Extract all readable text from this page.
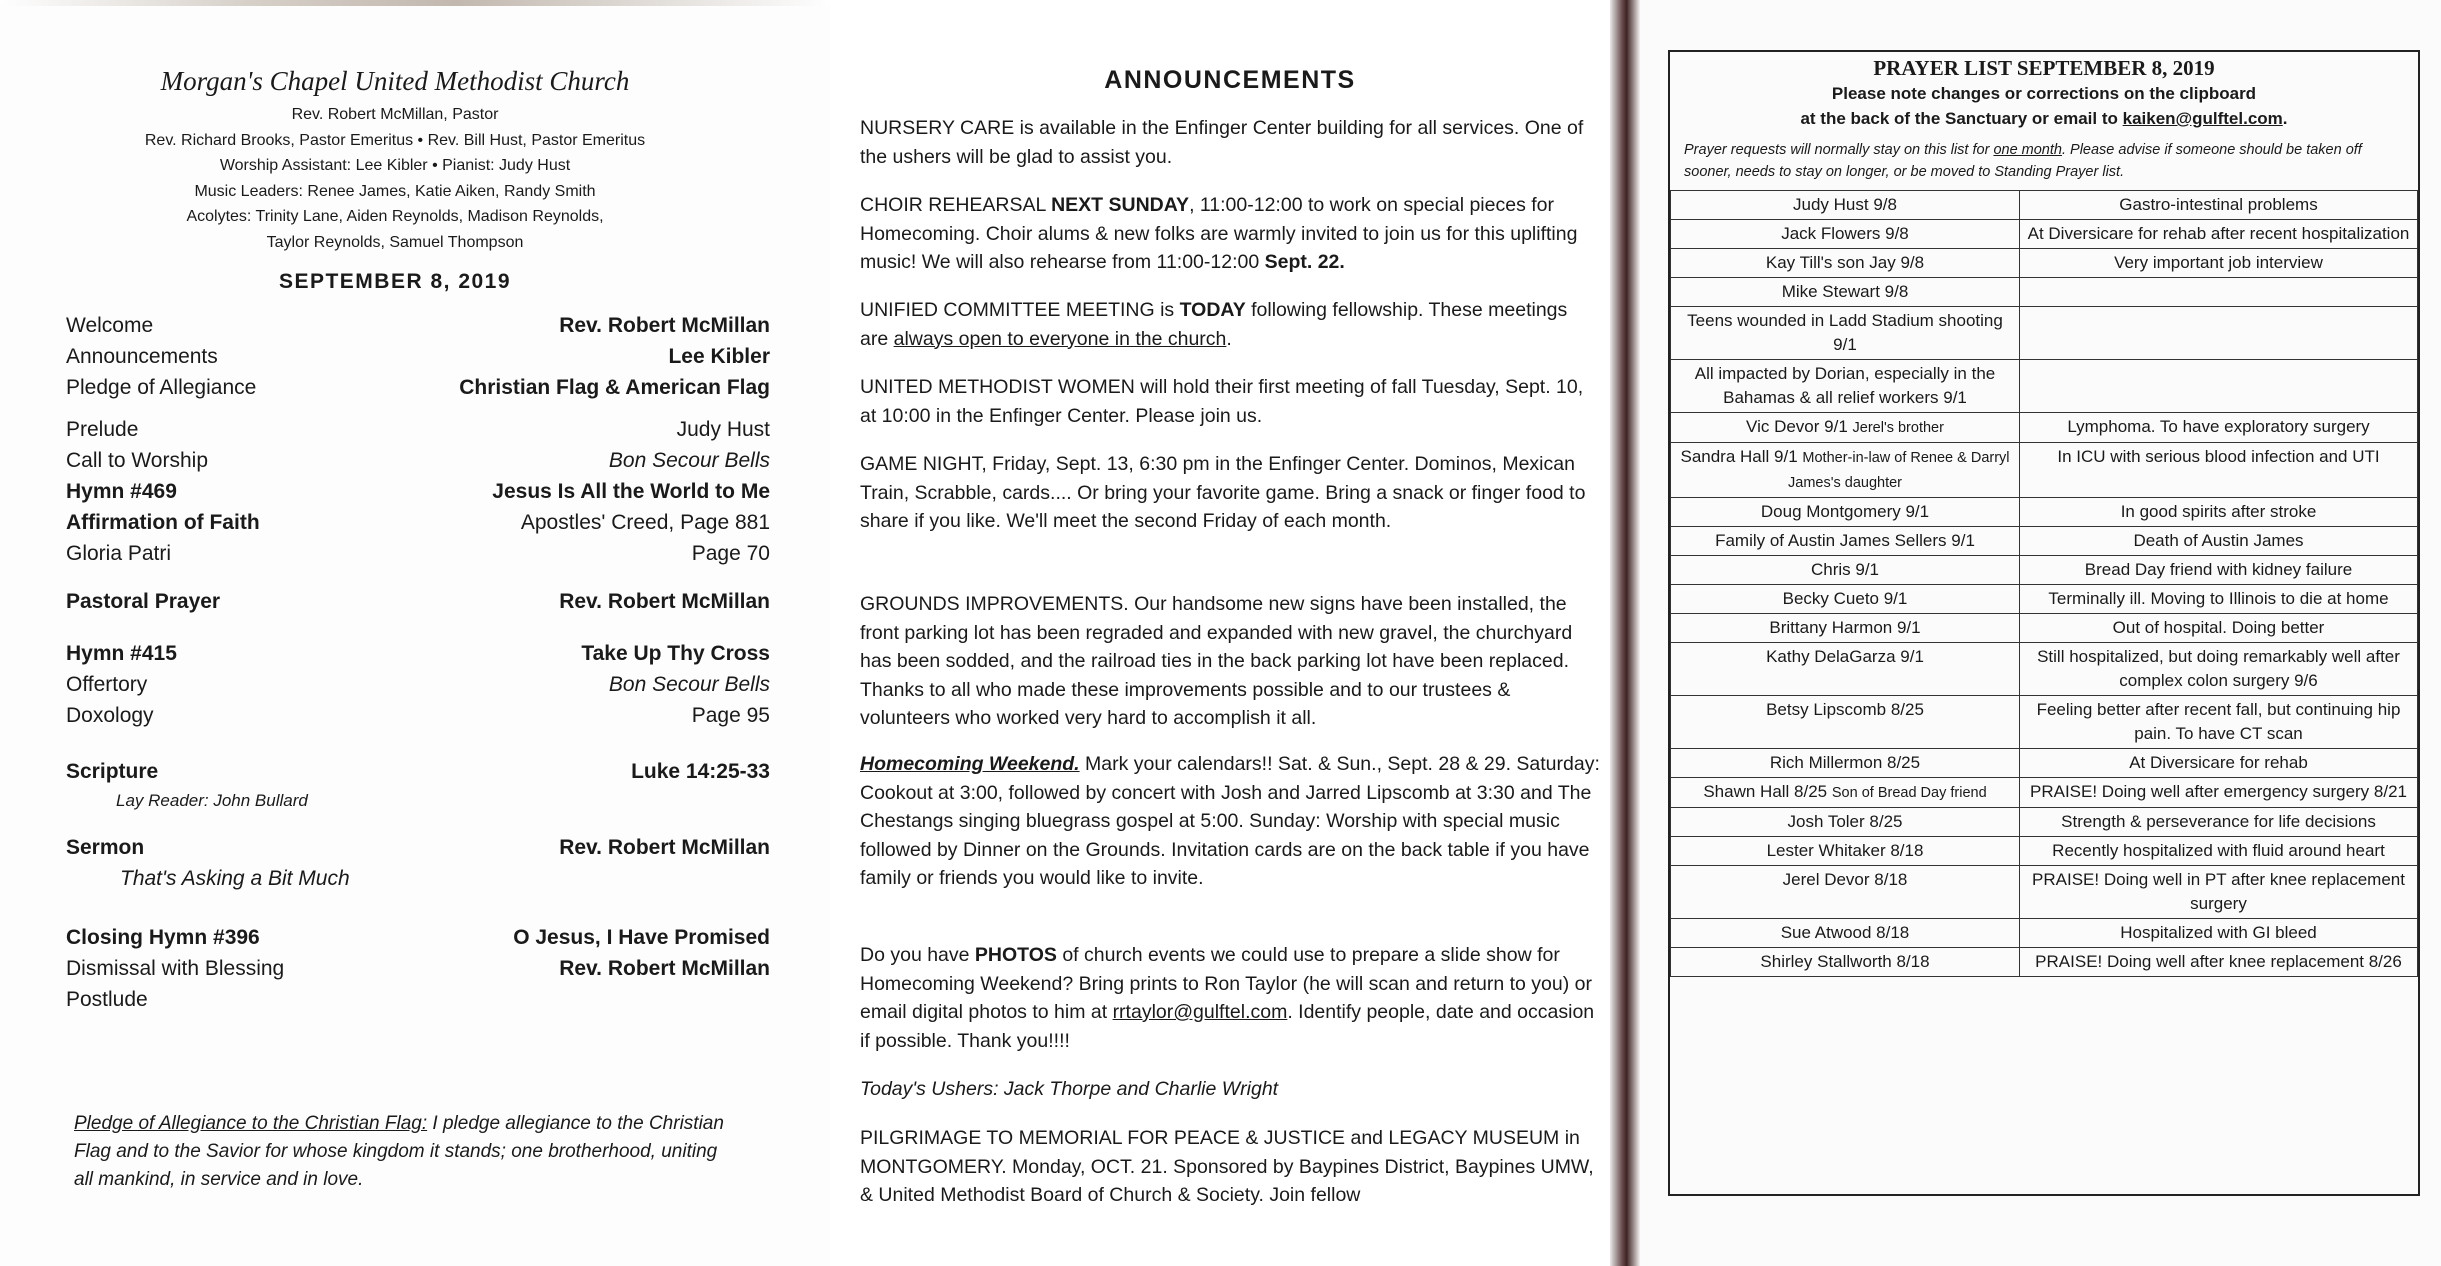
Morgan's Chapel United Methodist Church
Rev. Robert McMillan, Pastor
Rev. Richard Brooks, Pastor Emeritus • Rev. Bill Hust, Pastor Emeritus
Worship Assistant: Lee Kibler • Pianist: Judy Hust
Music Leaders: Renee James, Katie Aiken, Randy Smith
Acolytes: Trinity Lane, Aiden Reynolds, Madison Reynolds,
Taylor Reynolds, Samuel Thompson
SEPTEMBER 8, 2019
Welcome	Rev. Robert McMillan
Announcements	Lee Kibler
Pledge of Allegiance	Christian Flag & American Flag
Prelude	Judy Hust
Call to Worship	Bon Secour Bells
Hymn #469	Jesus Is All the World to Me
Affirmation of Faith	Apostles' Creed, Page 881
Gloria Patri	Page 70
Pastoral Prayer	Rev. Robert McMillan
Hymn #415	Take Up Thy Cross
Offertory	Bon Secour Bells
Doxology	Page 95
Scripture	Luke 14:25-33
Lay Reader: John Bullard
Sermon	Rev. Robert McMillan
That's Asking a Bit Much
Closing Hymn #396	O Jesus, I Have Promised
Dismissal with Blessing	Rev. Robert McMillan
Postlude
Pledge of Allegiance to the Christian Flag: I pledge allegiance to the Christian Flag and to the Savior for whose kingdom it stands; one brotherhood, uniting all mankind, in service and in love.
ANNOUNCEMENTS

NURSERY CARE is available in the Enfinger Center building for all services. One of the ushers will be glad to assist you.

CHOIR REHEARSAL NEXT SUNDAY, 11:00-12:00 to work on special pieces for Homecoming. Choir alums & new folks are warmly invited to join us for this uplifting music! We will also rehearse from 11:00-12:00 Sept. 22.

UNIFIED COMMITTEE MEETING is TODAY following fellowship. These meetings are always open to everyone in the church.

UNITED METHODIST WOMEN will hold their first meeting of fall Tuesday, Sept. 10, at 10:00 in the Enfinger Center. Please join us.

GAME NIGHT, Friday, Sept. 13, 6:30 pm in the Enfinger Center. Dominos, Mexican Train, Scrabble, cards.... Or bring your favorite game. Bring a snack or finger food to share if you like. We'll meet the second Friday of each month.

GROUNDS IMPROVEMENTS. Our handsome new signs have been installed, the front parking lot has been regraded and expanded with new gravel, the churchyard has been sodded, and the railroad ties in the back parking lot have been replaced. Thanks to all who made these improvements possible and to our trustees & volunteers who worked very hard to accomplish it all.

Homecoming Weekend. Mark your calendars!! Sat. & Sun., Sept. 28 & 29. Saturday: Cookout at 3:00, followed by concert with Josh and Jarred Lipscomb at 3:30 and The Chestangs singing bluegrass gospel at 5:00. Sunday: Worship with special music followed by Dinner on the Grounds. Invitation cards are on the back table if you have family or friends you would like to invite.

Do you have PHOTOS of church events we could use to prepare a slide show for Homecoming Weekend? Bring prints to Ron Taylor (he will scan and return to you) or email digital photos to him at rrtaylor@gulftel.com. Identify people, date and occasion if possible. Thank you!!!!

Today's Ushers: Jack Thorpe and Charlie Wright

PILGRIMAGE TO MEMORIAL FOR PEACE & JUSTICE and LEGACY MUSEUM in MONTGOMERY. Monday, OCT. 21. Sponsored by Baypines District, Baypines UMW, & United Methodist Board of Church & Society. Join fellow

PRAYER LIST SEPTEMBER 8, 2019
Please note changes or corrections on the clipboard
at the back of the Sanctuary or email to kaiken@gulftel.com.
Prayer requests will normally stay on this list for one month. Please advise if someone should be taken off sooner, needs to stay on longer, or be moved to Standing Prayer list.
Judy Hust 9/8	Gastro-intestinal problems
Jack Flowers 9/8	At Diversicare for rehab after recent hospitalization
Kay Till's son Jay 9/8	Very important job interview
Mike Stewart 9/8	
Teens wounded in Ladd Stadium shooting 9/1	
All impacted by Dorian, especially in the Bahamas & all relief workers 9/1	
Vic Devor 9/1 Jerel's brother	Lymphoma. To have exploratory surgery
Sandra Hall 9/1 Mother-in-law of Renee & Darryl James's daughter	In ICU with serious blood infection and UTI
Doug Montgomery 9/1	In good spirits after stroke
Family of Austin James Sellers 9/1	Death of Austin James
Chris 9/1	Bread Day friend with kidney failure
Becky Cueto 9/1	Terminally ill. Moving to Illinois to die at home
Brittany Harmon 9/1	Out of hospital. Doing better
Kathy DelaGarza 9/1	Still hospitalized, but doing remarkably well after complex colon surgery 9/6
Betsy Lipscomb 8/25	Feeling better after recent fall, but continuing hip pain. To have CT scan
Rich Millermon 8/25	At Diversicare for rehab
Shawn Hall 8/25 Son of Bread Day friend	PRAISE! Doing well after emergency surgery 8/21
Josh Toler 8/25	Strength & perseverance for life decisions
Lester Whitaker 8/18	Recently hospitalized with fluid around heart
Jerel Devor 8/18	PRAISE! Doing well in PT after knee replacement surgery
Sue Atwood 8/18	Hospitalized with GI bleed
Shirley Stallworth 8/18	PRAISE! Doing well after knee replacement 8/26
